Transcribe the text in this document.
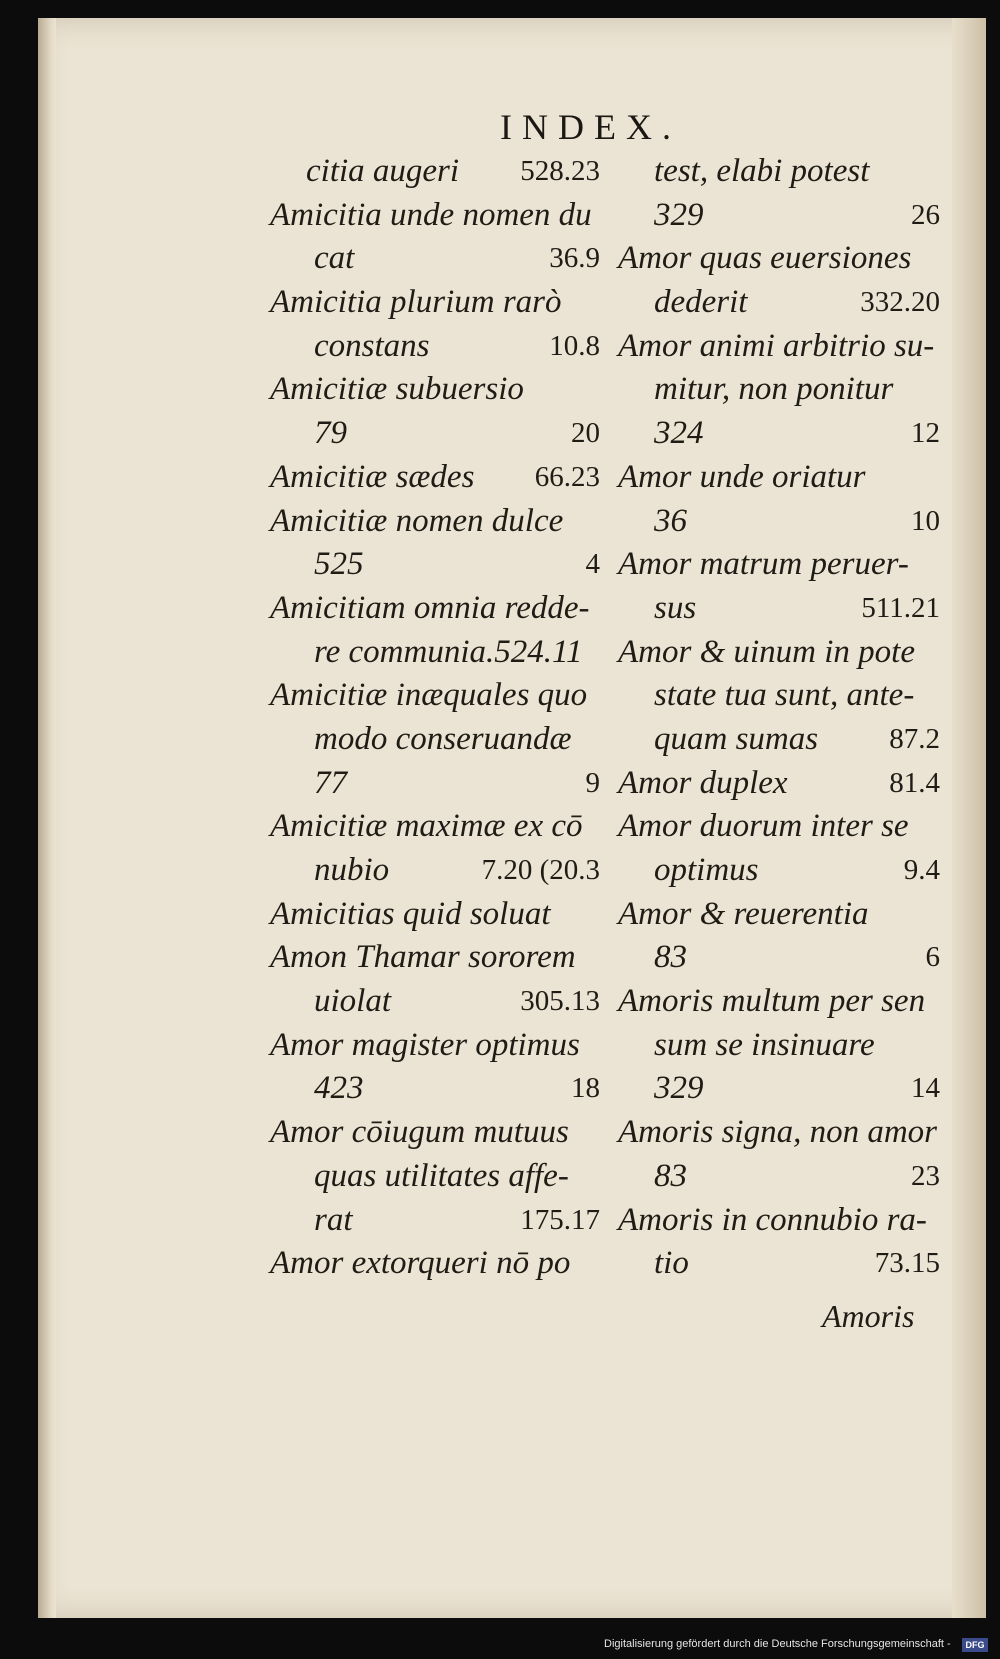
INDEX.
citia augeri 528.23
Amicitia unde nomen du
cat	36.9
Amicitia plurium rarò
constans	10.8
Amicitiæ subuersio
79	20
Amicitiæ sædes 66.23
Amicitiæ nomen dulce
525	4
Amicitiam omnia redde-
re communia.524.11
Amicitiæ inæquales quo
modo conseruandæ
77	9
Amicitiæ maximæ ex cō
nubio	7.20 (20.3
Amicitias quid soluat
Amon Thamar sororem
uiolat	305.13
Amor magister optimus
423	18
Amor cōiugum mutuus
quas utilitates affe-
rat	175.17
Amor extorqueri nō po
test, elabi potest
329	26
Amor quas euersiones
dederit	332.20
Amor animi arbitrio su-
mitur, non ponitur
324	12
Amor unde oriatur
36	10
Amor matrum peruer-
sus	511.21
Amor & uinum in pote
state tua sunt, ante-
quam sumas 87.2
Amor duplex	81.4
Amor duorum inter se
optimus	9.4
Amor & reuerentia
83	6
Amoris multum per sen
sum se insinuare
329	14
Amoris signa, non amor
83	23
Amoris in connubio ra-
tio	73.15
Amoris
Digitalisierung gefördert durch die Deutsche Forschungsgemeinschaft -	DFG
